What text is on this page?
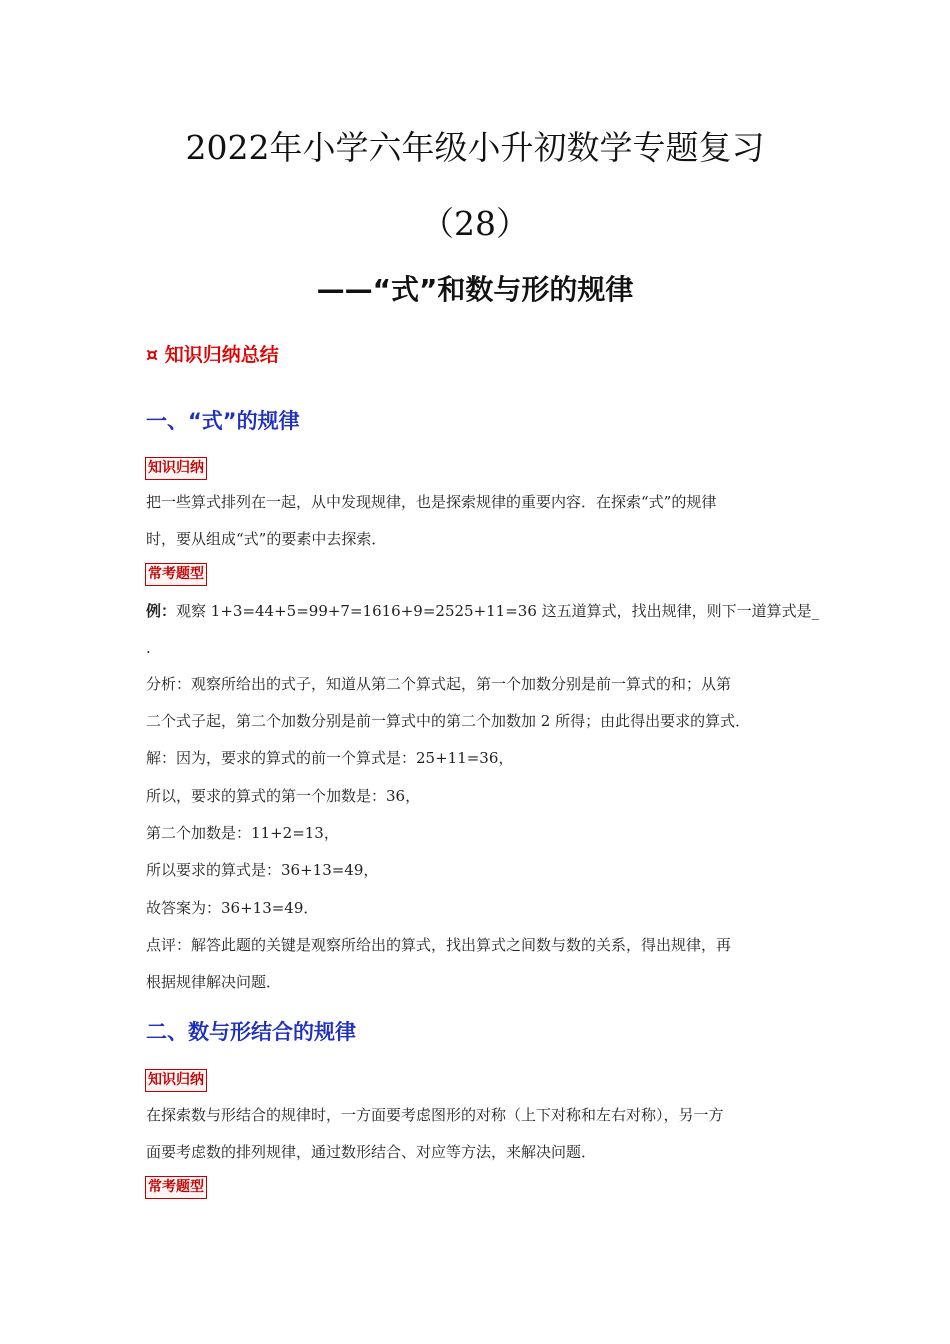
2022年小学六年级小升初数学专题复习
（28）
——“式”和数与形的规律
¤ 知识归纳总结
一、“式”的规律
知识归纳
把一些算式排列在一起，从中发现规律，也是探索规律的重要内容．在探索“式”的规律
时，要从组成“式”的要素中去探索．
常考题型
例：观察 1+3=44+5=99+7=1616+9=2525+11=36 这五道算式，找出规律，则下一道算式是_
.
分析：观察所给出的式子，知道从第二个算式起，第一个加数分别是前一算式的和；从第
二个式子起，第二个加数分别是前一算式中的第二个加数加 2 所得；由此得出要求的算式．
解：因为，要求的算式的前一个算式是：25+11=36，
所以，要求的算式的第一个加数是：36，
第二个加数是：11+2=13，
所以要求的算式是：36+13=49，
故答案为：36+13=49．
点评：解答此题的关键是观察所给出的算式，找出算式之间数与数的关系，得出规律，再
根据规律解决问题．
二、数与形结合的规律
知识归纳
在探索数与形结合的规律时，一方面要考虑图形的对称（上下对称和左右对称），另一方
面要考虑数的排列规律，通过数形结合、对应等方法，来解决问题．
常考题型
